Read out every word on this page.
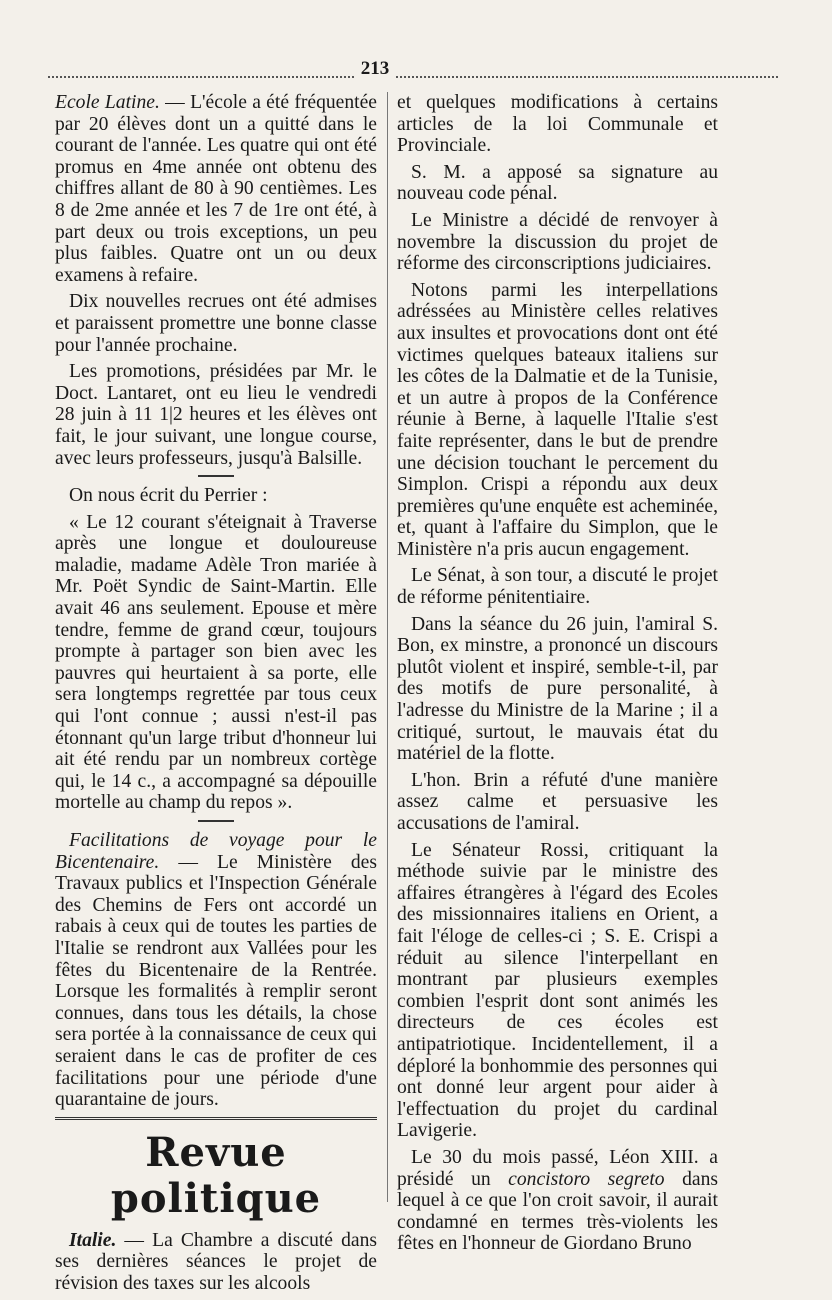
213

Ecole Latine. — L'école a été fréquentée par 20 élèves dont un a quitté dans le courant de l'année. Les quatre qui ont été promus en 4me année ont obtenu des chiffres allant de 80 à 90 centièmes. Les 8 de 2me année et les 7 de 1re ont été, à part deux ou trois exceptions, un peu plus faibles. Quatre ont un ou deux examens à refaire.

Dix nouvelles recrues ont été admises et paraissent promettre une bonne classe pour l'année prochaine.

Les promotions, présidées par Mr. le Doct. Lantaret, ont eu lieu le vendredi 28 juin à 11 1|2 heures et les élèves ont fait, le jour suivant, une longue course, avec leurs professeurs, jusqu'à Balsille.

On nous écrit du Perrier :

« Le 12 courant s'éteignait à Traverse après une longue et douloureuse maladie, madame Adèle Tron mariée à Mr. Poët Syndic de Saint-Martin. Elle avait 46 ans seulement. Epouse et mère tendre, femme de grand cœur, toujours prompte à partager son bien avec les pauvres qui heurtaient à sa porte, elle sera longtemps regrettée par tous ceux qui l'ont connue ; aussi n'est-il pas étonnant qu'un large tribut d'honneur lui ait été rendu par un nombreux cortège qui, le 14 c., a accompagné sa dépouille mortelle au champ du repos ».

Facilitations de voyage pour le Bicentenaire. — Le Ministère des Travaux publics et l'Inspection Générale des Chemins de Fers ont accordé un rabais à ceux qui de toutes les parties de l'Italie se rendront aux Vallées pour les fêtes du Bicentenaire de la Rentrée. Lorsque les formalités à remplir seront connues, dans tous les détails, la chose sera portée à la connaissance de ceux qui seraient dans le cas de profiter de ces facilitations pour une période d'une quarantaine de jours.

Revue politique

Italie. — La Chambre a discuté dans ses dernières séances le projet de révision des taxes sur les alcools

et quelques modifications à certains articles de la loi Communale et Provinciale.

S. M. a apposé sa signature au nouveau code pénal.

Le Ministre a décidé de renvoyer à novembre la discussion du projet de réforme des circonscriptions judiciaires.

Notons parmi les interpellations adréssées au Ministère celles relatives aux insultes et provocations dont ont été victimes quelques bateaux italiens sur les côtes de la Dalmatie et de la Tunisie, et un autre à propos de la Conférence réunie à Berne, à laquelle l'Italie s'est faite représenter, dans le but de prendre une décision touchant le percement du Simplon. Crispi a répondu aux deux premières qu'une enquête est acheminée, et, quant à l'affaire du Simplon, que le Ministère n'a pris aucun engagement.

Le Sénat, à son tour, a discuté le projet de réforme pénitentiaire.

Dans la séance du 26 juin, l'amiral S. Bon, ex minstre, a prononcé un discours plutôt violent et inspiré, semble-t-il, par des motifs de pure personalité, à l'adresse du Ministre de la Marine ; il a critiqué, surtout, le mauvais état du matériel de la flotte.

L'hon. Brin a réfuté d'une manière assez calme et persuasive les accusations de l'amiral.

Le Sénateur Rossi, critiquant la méthode suivie par le ministre des affaires étrangères à l'égard des Ecoles des missionnaires italiens en Orient, a fait l'éloge de celles-ci ; S. E. Crispi a réduit au silence l'interpellant en montrant par plusieurs exemples combien l'esprit dont sont animés les directeurs de ces écoles est antipatriotique. Incidentellement, il a déploré la bonhommie des personnes qui ont donné leur argent pour aider à l'effectuation du projet du cardinal Lavigerie.

Le 30 du mois passé, Léon XIII. a présidé un concistoro segreto dans lequel à ce que l'on croit savoir, il aurait condamné en termes très-violents les fêtes en l'honneur de Giordano Bruno
